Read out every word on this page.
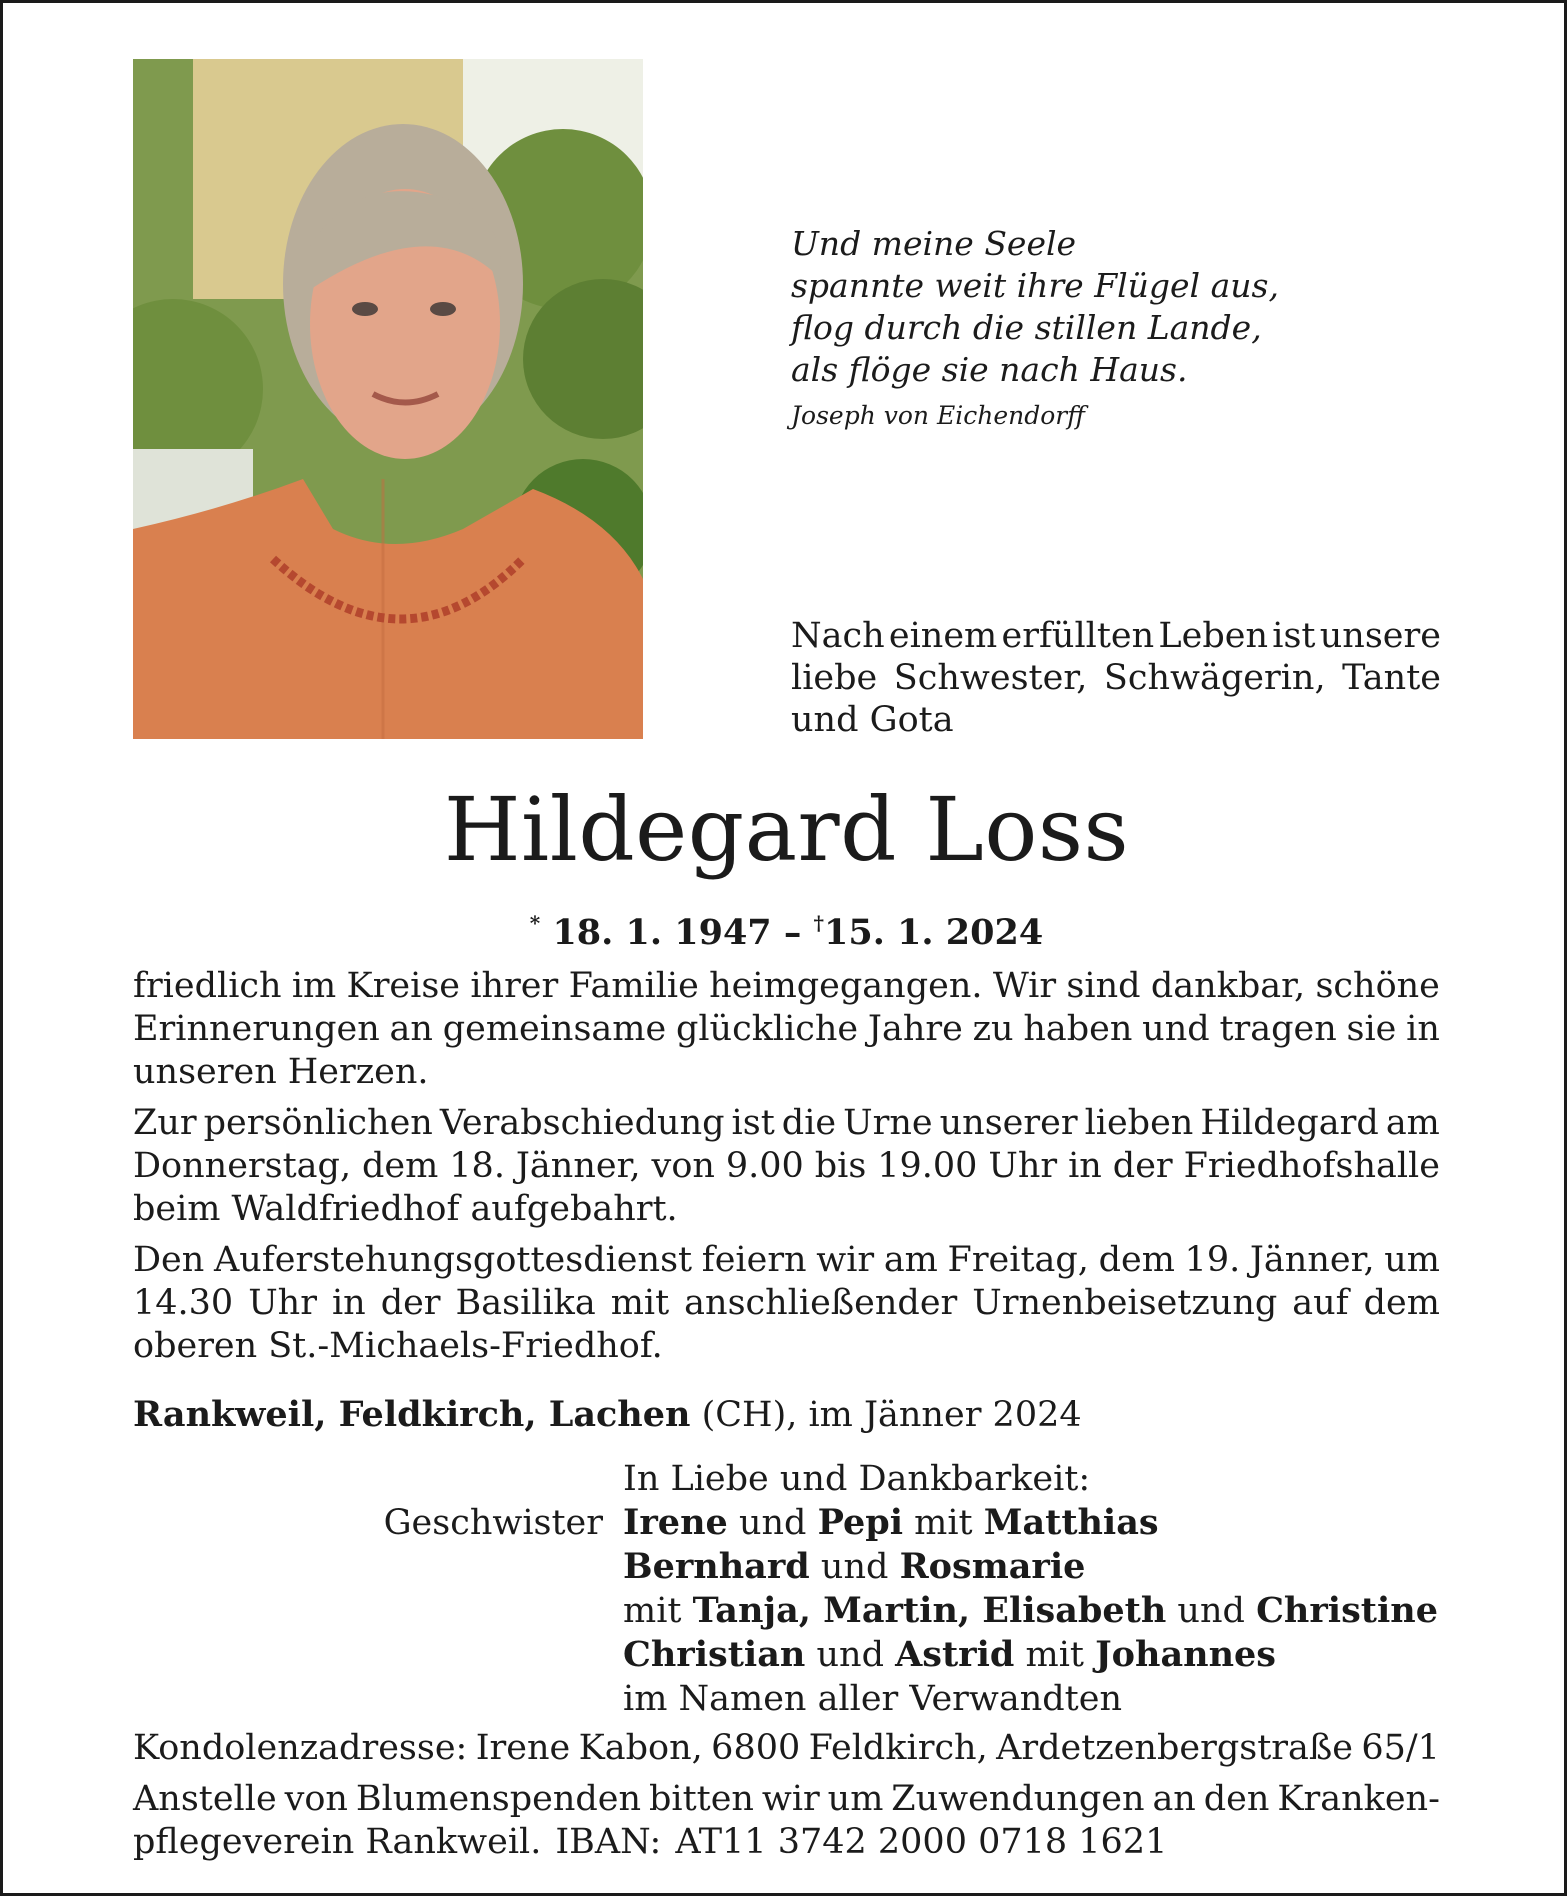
Und meine Seele
spannte weit ihre Flügel aus,
flog durch die stillen Lande,
als flöge sie nach Haus.
Joseph von Eichendorff
Nach einem erfüllten Leben ist unsere
liebe Schwester, Schwägerin, Tante
und Gota
Hildegard Loss
* 18. 1. 1947 – †15. 1. 2024
friedlich im Kreise ihrer Familie heimgegangen. Wir sind dankbar, schöne
Erinnerungen an gemeinsame glückliche Jahre zu haben und tragen sie in
unseren Herzen.
Zur persönlichen Verabschiedung ist die Urne unserer lieben Hildegard am
Donnerstag, dem 18. Jänner, von 9.00 bis 19.00 Uhr in der Friedhofshalle
beim Waldfriedhof aufgebahrt.
Den Auferstehungsgottesdienst feiern wir am Freitag, dem 19. Jänner, um
14.30 Uhr in der Basilika mit anschließender Urnenbeisetzung auf dem
oberen St.-Michaels-Friedhof.
Rankweil, Feldkirch, Lachen (CH), im Jänner 2024
In Liebe und Dankbarkeit:
Geschwister Irene und Pepi mit Matthias
Bernhard und Rosmarie
mit Tanja, Martin, Elisabeth und Christine
Christian und Astrid mit Johannes
im Namen aller Verwandten
Kondolenzadresse: Irene Kabon, 6800 Feldkirch, Ardetzenbergstraße 65/1
Anstelle von Blumenspenden bitten wir um Zuwendungen an den Kranken-
pflegeverein Rankweil. IBAN: AT11 3742 2000 0718 1621
